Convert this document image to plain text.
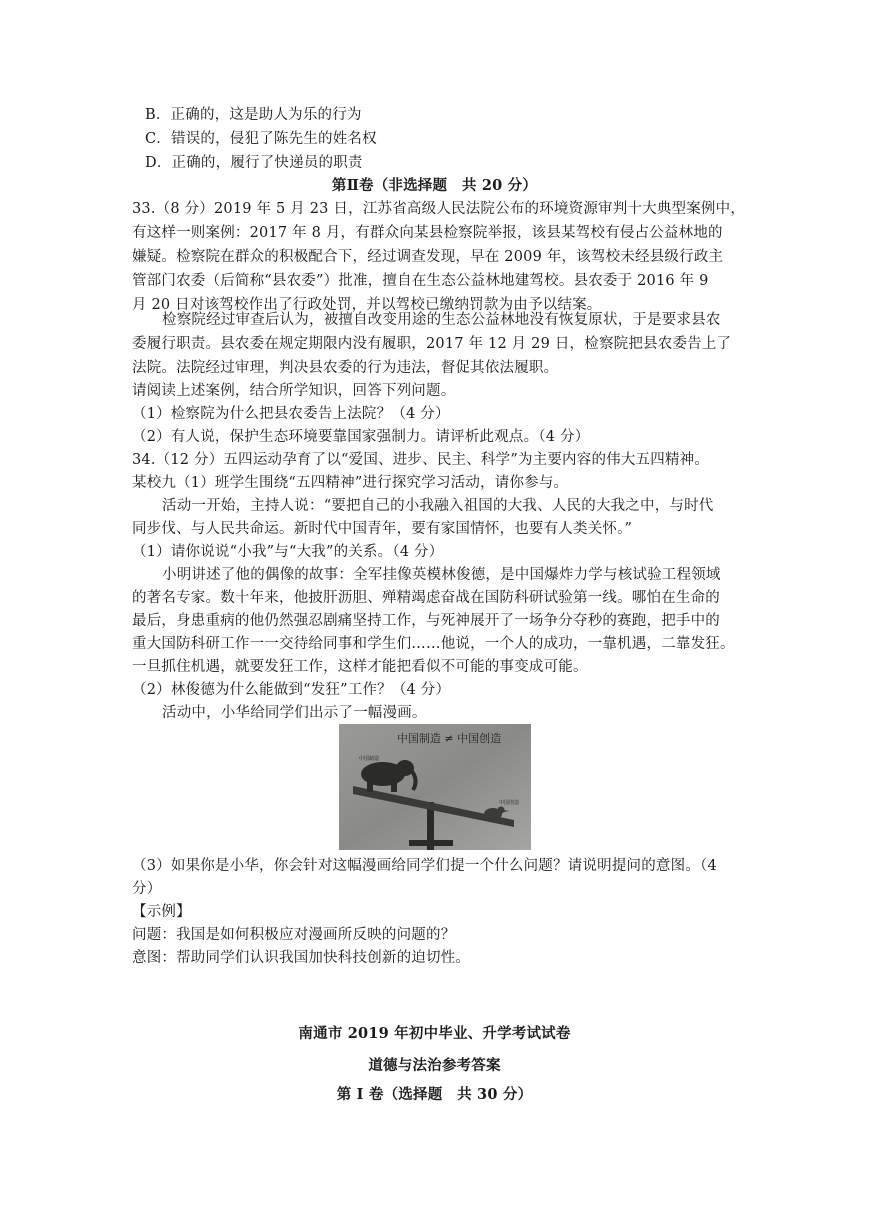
B．正确的，这是助人为乐的行为
C．错误的，侵犯了陈先生的姓名权
D．正确的，履行了快递员的职责
第Ⅱ卷（非选择题　共 20 分）
33.（8 分）2019 年 5 月 23 日，江苏省高级人民法院公布的环境资源审判十大典型案例中，
有这样一则案例：2017 年 8 月，有群众向某县检察院举报，该县某驾校有侵占公益林地的
嫌疑。检察院在群众的积极配合下，经过调查发现，早在 2009 年，该驾校未经县级行政主
管部门农委（后简称“县农委”）批准，擅自在生态公益林地建驾校。县农委于 2016 年 9
月 20 日对该驾校作出了行政处罚，并以驾校已缴纳罚款为由予以结案。
检察院经过审查后认为，被擅自改变用途的生态公益林地没有恢复原状，于是要求县农
委履行职责。县农委在规定期限内没有履职，2017 年 12 月 29 日，检察院把县农委告上了
法院。法院经过审理，判决县农委的行为违法，督促其依法履职。
请阅读上述案例，结合所学知识，回答下列问题。
（1）检察院为什么把县农委告上法院？（4 分）
（2）有人说，保护生态环境要靠国家强制力。请评析此观点。（4 分）
34.（12 分）五四运动孕育了以“爱国、进步、民主、科学”为主要内容的伟大五四精神。
某校九（1）班学生围绕“五四精神”进行探究学习活动，请你参与。
活动一开始，主持人说：“要把自己的小我融入祖国的大我、人民的大我之中，与时代
同步伐、与人民共命运。新时代中国青年，要有家国情怀，也要有人类关怀。”
（1）请你说说“小我”与“大我”的关系。（4 分）
小明讲述了他的偶像的故事：全军挂像英模林俊德，是中国爆炸力学与核试验工程领域
的著名专家。数十年来，他披肝沥胆、殚精竭虑奋战在国防科研试验第一线。哪怕在生命的
最后，身患重病的他仍然强忍剧痛坚持工作，与死神展开了一场争分夺秒的赛跑，把手中的
重大国防科研工作一一交待给同事和学生们……他说，一个人的成功，一靠机遇，二靠发狂。
一旦抓住机遇，就要发狂工作，这样才能把看似不可能的事变成可能。
（2）林俊德为什么能做到“发狂”工作？（4 分）
活动中，小华给同学们出示了一幅漫画。
中国制造 ≠ 中国创造
中国制造
中国创造
（3）如果你是小华，你会针对这幅漫画给同学们提一个什么问题？请说明提问的意图。（4
分）
【示例】
问题：我国是如何积极应对漫画所反映的问题的？
意图：帮助同学们认识我国加快科技创新的迫切性。
南通市 2019 年初中毕业、升学考试试卷
道德与法治参考答案
第 I 卷（选择题　共 30 分）
